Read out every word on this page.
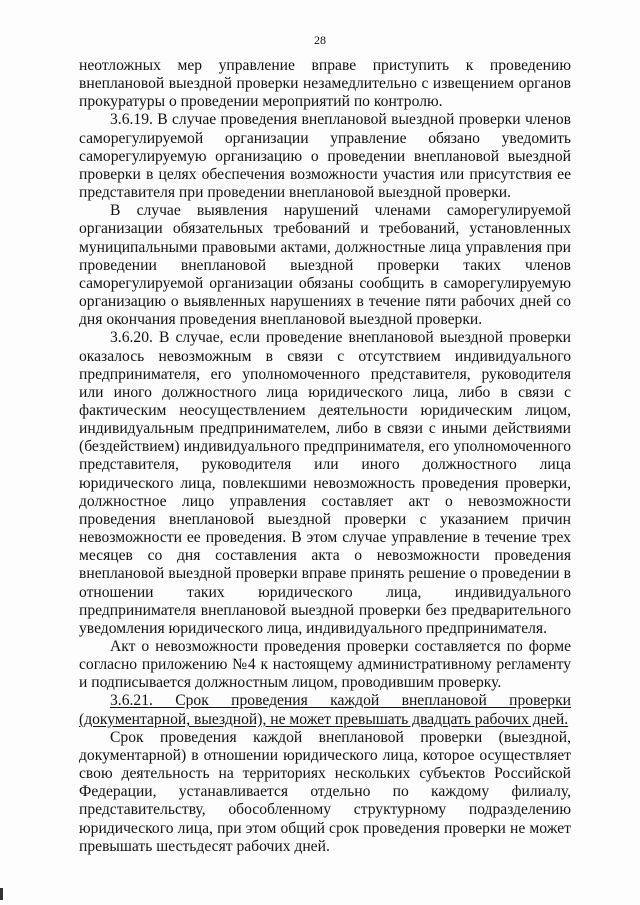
28

неотложных мер управление вправе приступить к проведению внеплановой выездной проверки незамедлительно с извещением органов прокуратуры о проведении мероприятий по контролю.

3.6.19. В случае проведения внеплановой выездной проверки членов саморегулируемой организации управление обязано уведомить саморегулируемую организацию о проведении внеплановой выездной проверки в целях обеспечения возможности участия или присутствия ее представителя при проведении внеплановой выездной проверки.

В случае выявления нарушений членами саморегулируемой организации обязательных требований и требований, установленных муниципальными правовыми актами, должностные лица управления при проведении внеплановой выездной проверки таких членов саморегулируемой организации обязаны сообщить в саморегулируемую организацию о выявленных нарушениях в течение пяти рабочих дней со дня окончания проведения внеплановой выездной проверки.

3.6.20. В случае, если проведение внеплановой выездной проверки оказалось невозможным в связи с отсутствием индивидуального предпринимателя, его уполномоченного представителя, руководителя или иного должностного лица юридического лица, либо в связи с фактическим неосуществлением деятельности юридическим лицом, индивидуальным предпринимателем, либо в связи с иными действиями (бездействием) индивидуального предпринимателя, его уполномоченного представителя, руководителя или иного должностного лица юридического лица, повлекшими невозможность проведения проверки, должностное лицо управления составляет акт о невозможности проведения внеплановой выездной проверки с указанием причин невозможности ее проведения. В этом случае управление в течение трех месяцев со дня составления акта о невозможности проведения внеплановой выездной проверки вправе принять решение о проведении в отношении таких юридического лица, индивидуального предпринимателя внеплановой выездной проверки без предварительного уведомления юридического лица, индивидуального предпринимателя.

Акт о невозможности проведения проверки составляется по форме согласно приложению №4 к настоящему административному регламенту и подписывается должностным лицом, проводившим проверку.

3.6.21. Срок проведения каждой внеплановой проверки (документарной, выездной), не может превышать двадцать рабочих дней.

Срок проведения каждой внеплановой проверки (выездной, документарной) в отношении юридического лица, которое осуществляет свою деятельность на территориях нескольких субъектов Российской Федерации, устанавливается отдельно по каждому филиалу, представительству, обособленному структурному подразделению юридического лица, при этом общий срок проведения проверки не может превышать шестьдесят рабочих дней.
